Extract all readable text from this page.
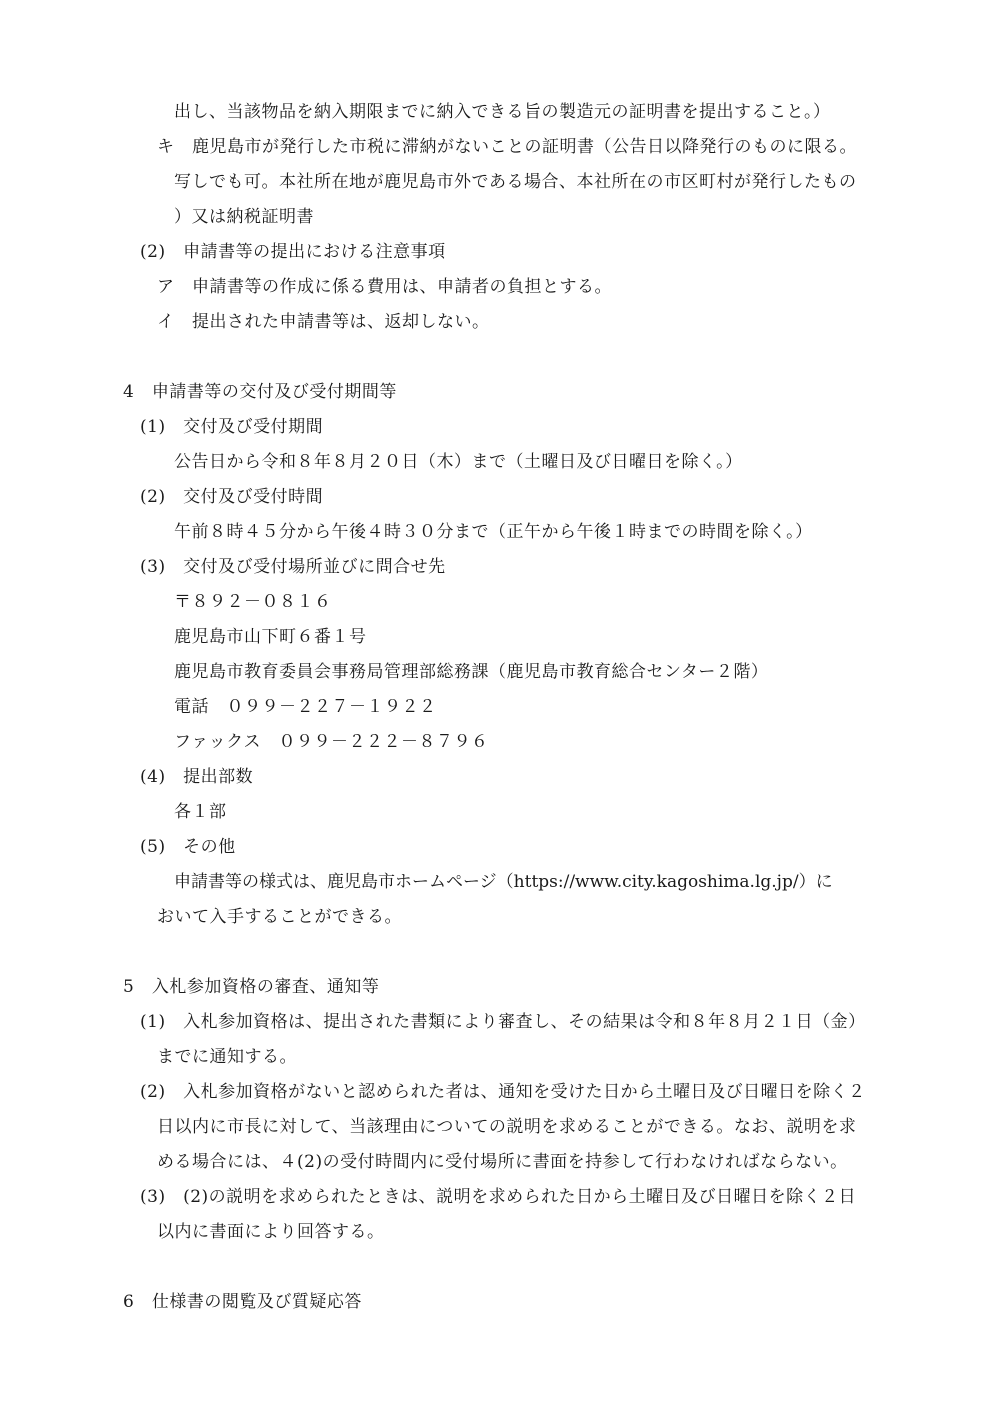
出し、当該物品を納入期限までに納入できる旨の製造元の証明書を提出すること。）
キ　鹿児島市が発行した市税に滞納がないことの証明書（公告日以降発行のものに限る。
写しでも可。本社所在地が鹿児島市外である場合、本社所在の市区町村が発行したもの
）又は納税証明書
(2)　申請書等の提出における注意事項
ア　申請書等の作成に係る費用は、申請者の負担とする。
イ　提出された申請書等は、返却しない。
4　申請書等の交付及び受付期間等
(1)　交付及び受付期間
公告日から令和８年８月２０日（木）まで（土曜日及び日曜日を除く。）
(2)　交付及び受付時間
午前８時４５分から午後４時３０分まで（正午から午後１時までの時間を除く。）
(3)　交付及び受付場所並びに問合せ先
〒８９２－０８１６
鹿児島市山下町６番１号
鹿児島市教育委員会事務局管理部総務課（鹿児島市教育総合センター２階）
電話　０９９－２２７－１９２２
ファックス　０９９－２２２－８７９６
(4)　提出部数
各１部
(5)　その他
申請書等の様式は、鹿児島市ホームページ（https://www.city.kagoshima.lg.jp/）に
おいて入手することができる。
5　入札参加資格の審査、通知等
(1)　入札参加資格は、提出された書類により審査し、その結果は令和８年８月２１日（金）
までに通知する。
(2)　入札参加資格がないと認められた者は、通知を受けた日から土曜日及び日曜日を除く２
日以内に市長に対して、当該理由についての説明を求めることができる。なお、説明を求
める場合には、４(2)の受付時間内に受付場所に書面を持参して行わなければならない。
(3)　(2)の説明を求められたときは、説明を求められた日から土曜日及び日曜日を除く２日
以内に書面により回答する。
6　仕様書の閲覧及び質疑応答
